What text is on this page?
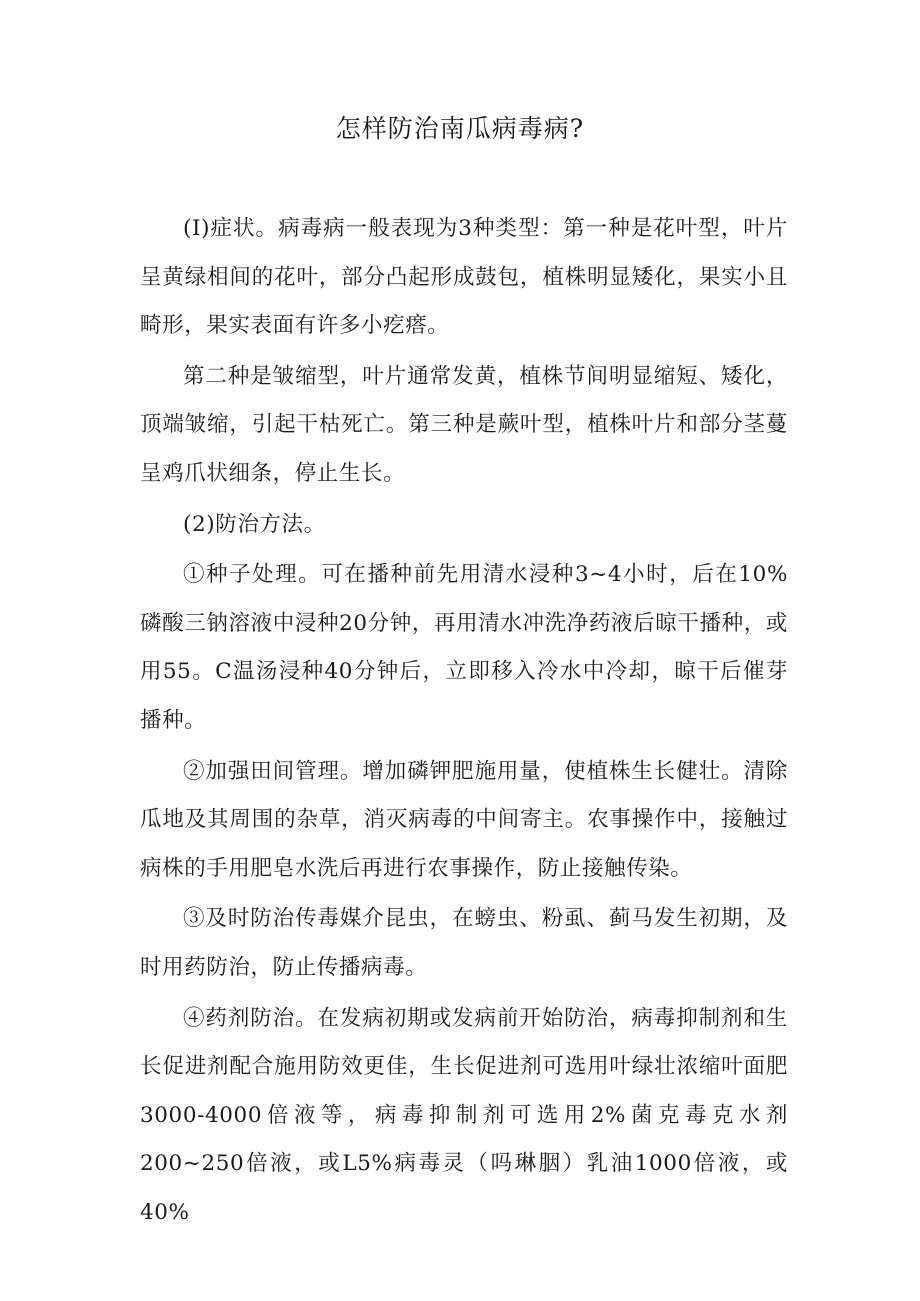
怎样防治南瓜病毒病?

(I)症状。病毒病一般表现为3种类型：第一种是花叶型，叶片呈黄绿相间的花叶，部分凸起形成鼓包，植株明显矮化，果实小且畸形，果实表面有许多小疙瘩。

第二种是皱缩型，叶片通常发黄，植株节间明显缩短、矮化，顶端皱缩，引起干枯死亡。第三种是蕨叶型，植株叶片和部分茎蔓呈鸡爪状细条，停止生长。

(2)防治方法。

①种子处理。可在播种前先用清水浸种3~4小时，后在10%磷酸三钠溶液中浸种20分钟，再用清水冲洗净药液后晾干播种，或用55。C温汤浸种40分钟后，立即移入冷水中冷却，晾干后催芽播种。

②加强田间管理。增加磷钾肥施用量，使植株生长健壮。清除瓜地及其周围的杂草，消灭病毒的中间寄主。农事操作中，接触过病株的手用肥皂水洗后再进行农事操作，防止接触传染。

③及时防治传毒媒介昆虫，在螃虫、粉虱、蓟马发生初期，及时用药防治，防止传播病毒。

④药剂防治。在发病初期或发病前开始防治，病毒抑制剂和生长促进剂配合施用防效更佳，生长促进剂可选用叶绿壮浓缩叶面肥3000-4000倍液等，病毒抑制剂可选用2%菌克毒克水剂200~250倍液，或L5%病毒灵（吗琳胭）乳油1000倍液，或40%
